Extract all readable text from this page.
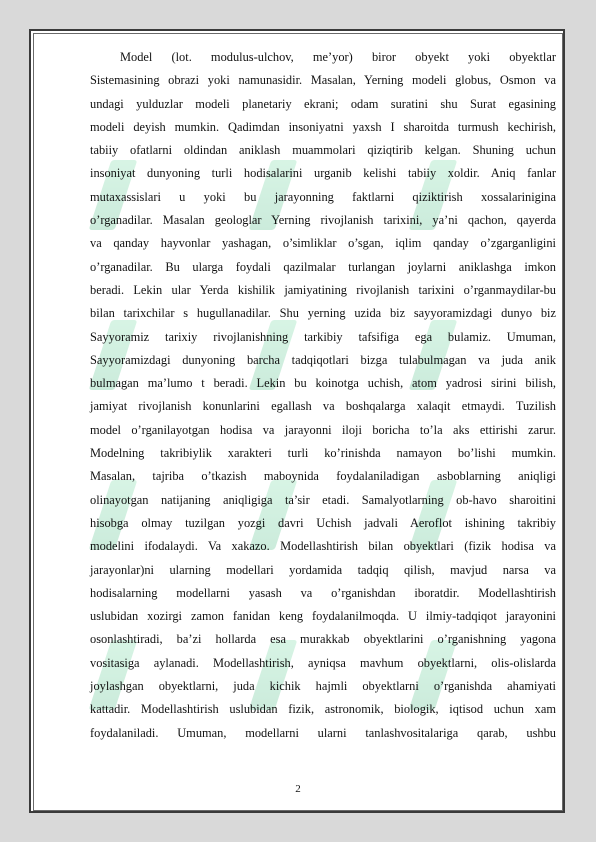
Model (lot. modulus-ulchov, me’yor) biror obyekt yoki obyektlar
Sistemasining obrazi yoki namunasidir. Masalan, Yerning modeli globus, Osmon va
undagi yulduzlar modeli planetariy ekrani; odam suratini shu Surat egasining
modeli deyish mumkin. Qadimdan insoniyatni yaxsh I sharoitda turmush kechirish,
tabiiy ofatlarni oldindan aniklash muammolari qiziqtirib kelgan. Shuning uchun
insoniyat dunyoning turli hodisalarini urganib kelishi tabiiy xoldir. Aniq fanlar
mutaxassislari u yoki bu jarayonning faktlarni qiziktirish xossalarinigina
o’rganadilar. Masalan geologlar Yerning rivojlanish tarixini, ya’ni qachon, qayerda
va qanday hayvonlar yashagan, o’simliklar o’sgan, iqlim qanday o’zgarganligini
o’rganadilar. Bu ularga foydali qazilmalar turlangan joylarni aniklashga imkon
beradi. Lekin ular Yerda kishilik jamiyatining rivojlanish tarixini o’rganmaydilar-bu
bilan tarixchilar s hugullanadilar. Shu yerning uzida biz sayyoramizdagi dunyo biz
Sayyoramiz tarixiy rivojlanishning tarkibiy tafsifiga ega bulamiz. Umuman,
Sayyoramizdagi dunyoning barcha tadqiqotlari bizga tulabulmagan va juda anik
bulmagan ma’lumo t beradi. Lekin bu koinotga uchish, atom yadrosi sirini bilish,
jamiyat rivojlanish konunlarini egallash va boshqalarga xalaqit etmaydi. Tuzilish
model o’rganilayotgan hodisa va jarayonni iloji boricha to’la aks ettirishi zarur.
Modelning takribiylik xarakteri turli ko’rinishda namayon bo’lishi mumkin.
Masalan, tajriba o’tkazish maboynida foydalaniladigan asboblarning aniqligi
olinayotgan natijaning aniqligiga ta’sir etadi. Samalyotlarning ob-havo sharoitini
hisobga olmay tuzilgan yozgi davri Uchish jadvali Aeroflot ishining takribiy
modelini ifodalaydi. Va xakazo. Modellashtirish bilan obyektlari (fizik hodisa va
jarayonlar)ni ularning modellari yordamida tadqiq qilish, mavjud narsa va
hodisalarning modellarni yasash va o’rganishdan iboratdir. Modellashtirish
uslubidan xozirgi zamon fanidan keng foydalanilmoqda. U ilmiy-tadqiqot jarayonini
osonlashtiradi, ba’zi hollarda esa murakkab obyektlarini o’rganishning yagona
vositasiga aylanadi. Modellashtirish, ayniqsa mavhum obyektlarni, olis-olislarda
joylashgan obyektlarni, juda kichik hajmli obyektlarni o’rganishda ahamiyati
kattadir. Modellashtirish uslubidan fizik, astronomik, biologik, iqtisod uchun xam
foydalaniladi. Umuman, modellarni ularni tanlashvositalariga qarab, ushbu
2
